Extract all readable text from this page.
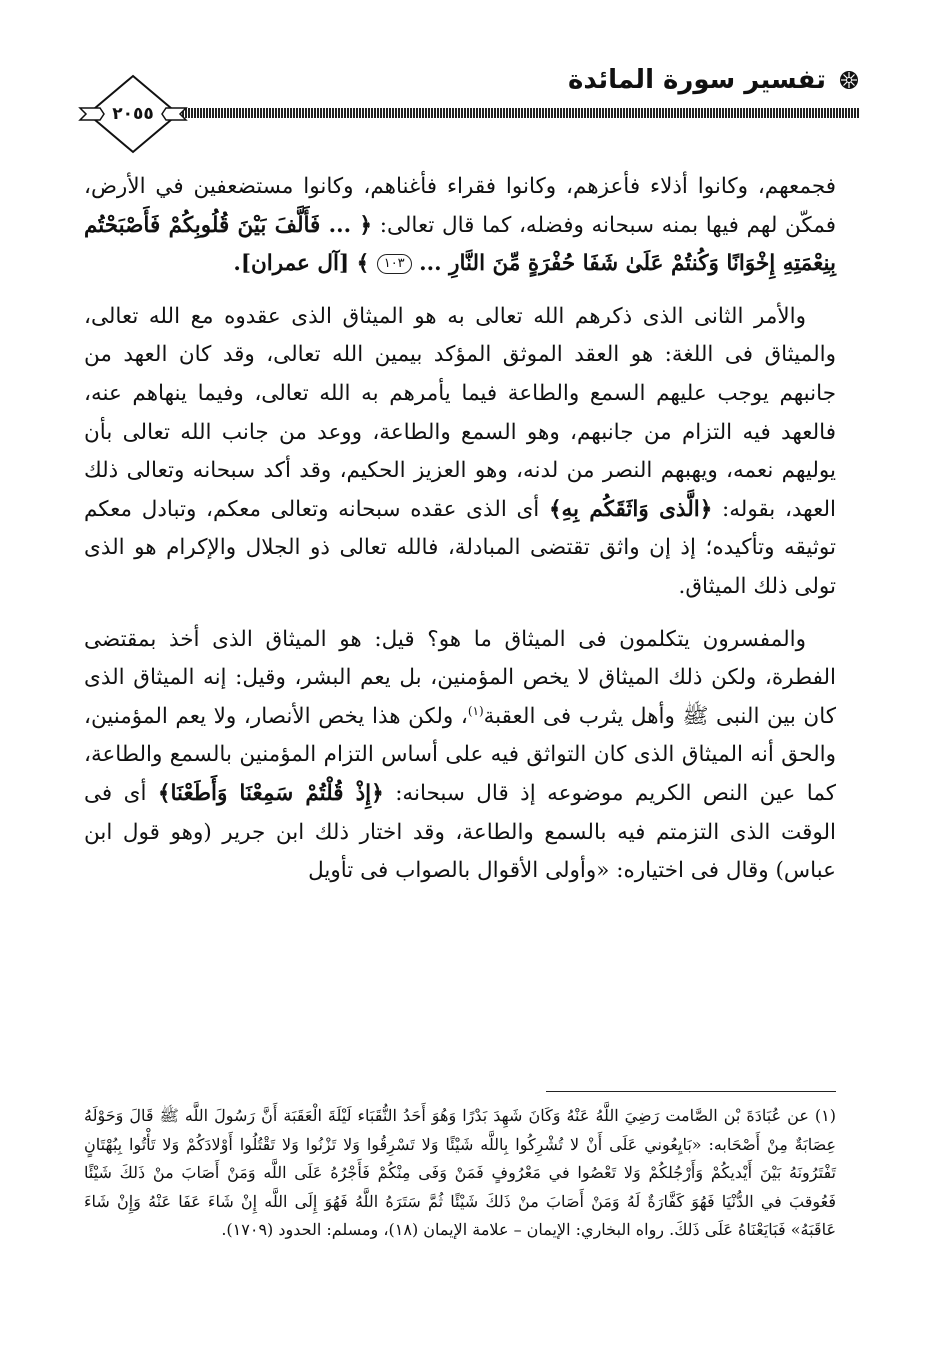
تفسير سورة المائدة
٢٠٥٥

فجمعهم، وكانوا أذلاء فأعزهم، وكانوا فقراء فأغناهم، وكانوا مستضعفين في الأرض، فمكّن لهم فيها بمنه سبحانه وفضله، كما قال تعالى: ﴿ ... فَأَلَّفَ بَيْنَ قُلُوبِكُمْ فَأَصْبَحْتُم بِنِعْمَتِهِ إِخْوَانًا وَكُنتُمْ عَلَىٰ شَفَا حُفْرَةٍ مِّنَ النَّارِ ... ١٠٣ ﴾ [آل عمران].

والأمر الثانى الذى ذكرهم الله تعالى به هو الميثاق الذى عقدوه مع الله تعالى، والميثاق فى اللغة: هو العقد الموثق المؤكد بيمين الله تعالى، وقد كان العهد من جانبهم يوجب عليهم السمع والطاعة فيما يأمرهم به الله تعالى، وفيما ينهاهم عنه، فالعهد فيه التزام من جانبهم، وهو السمع والطاعة، ووعد من جانب الله تعالى بأن يوليهم نعمه، ويهبهم النصر من لدنه، وهو العزيز الحكيم، وقد أكد سبحانه وتعالى ذلك العهد، بقوله: ﴿الَّذى وَاثَقَكُم بِهِ﴾ أى الذى عقده سبحانه وتعالى معكم، وتبادل معكم توثيقه وتأكيده؛ إذ إن واثق تقتضى المبادلة، فالله تعالى ذو الجلال والإكرام هو الذى تولى ذلك الميثاق.

والمفسرون يتكلمون فى الميثاق ما هو؟ قيل: هو الميثاق الذى أخذ بمقتضى الفطرة، ولكن ذلك الميثاق لا يخص المؤمنين، بل يعم البشر، وقيل: إنه الميثاق الذى كان بين النبى ﷺ وأهل يثرب فى العقبة$^{(١)}$، ولكن هذا يخص الأنصار، ولا يعم المؤمنين، والحق أنه الميثاق الذى كان التواثق فيه على أساس التزام المؤمنين بالسمع والطاعة، كما عين النص الكريم موضوعه إذ قال سبحانه: ﴿إِذْ قُلْتُمْ سَمِعْنَا وَأَطَعْنَا﴾ أى فى الوقت الذى التزمتم فيه بالسمع والطاعة، وقد اختار ذلك ابن جرير (وهو قول ابن عباس) وقال فى اختياره: «وأولى الأقوال بالصواب فى تأويل

(١) عن عُبَادَةَ بْن الصَّامت رَضِيَ اللَّهُ عَنْهُ وَكَانَ شَهِدَ بَدْرًا وَهُوَ أَحَدُ النُّقَبَاء لَيْلَةَ الْعَقَبَة أَنَّ رَسُولَ اللَّه ﷺ قَالَ وَحَوْلَهُ عِصَابَةٌ مِنْ أَصْحَابه: «بَايِعُوني عَلَى أَنْ لا تُشْرِكُوا بِاللَّه شَيْئًا وَلا تَسْرِقُوا وَلا تَزْنُوا وَلا تَقْتُلُوا أَوْلادَكُمْ وَلا تَأْتُوا بِبُهْتَانٍ تَفْتَرُونَهُ بَيْنَ أَيْديكُمْ وَأَرْجُلكُمْ وَلا تَعْصُوا في مَعْرُوفٍ فَمَنْ وَفَى مِنْكُمْ فَأَجْرُهُ عَلَى اللَّه وَمَنْ أَصَابَ منْ ذَلكَ شَيْئًا فَعُوقبَ في الدُّنْيَا فَهُوَ كَفَّارَةٌ لَهُ وَمَنْ أَصَابَ منْ ذَلكَ شَيْئًا ثُمَّ سَتَرَهُ اللَّهُ فَهُوَ إِلَى اللَّه إِنْ شَاءَ عَفَا عَنْهُ وَإِنْ شَاءَ عَاقَبَهُ» فَبَايَعْنَاهُ عَلَى ذَلكَ. رواه البخاري: الإيمان – علامة الإيمان (١٨)، ومسلم: الحدود (١٧٠٩).
